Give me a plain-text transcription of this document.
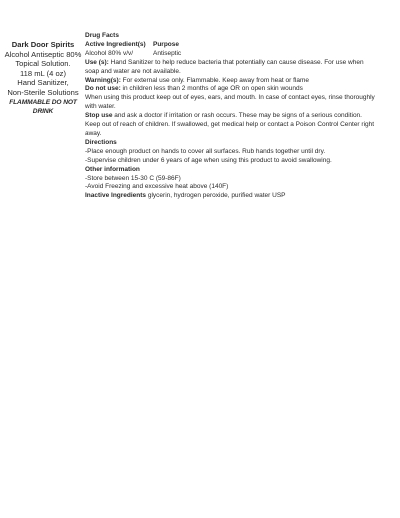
Dark Door Spirits
Alcohol Antiseptic 80%
Topical Solution.
118 mL (4 oz)
Hand Sanitizer,
Non-Sterile Solutions
FLAMMABLE DO NOT DRINK
Drug Facts
Active Ingredient(s)	Purpose
Alcohol 80% v/v/	Antiseptic
Use (s): Hand Sanitizer to help reduce bacteria that potentially can cause disease. For use when soap and water are not available.
Warning(s): For external use only. Flammable. Keep away from heat or flame
Do not use: in children less than 2 months of age OR on open skin wounds
When using this product keep out of eyes, ears, and mouth. In case of contact eyes, rinse thoroughly with water.
Stop use and ask a doctor if irritation or rash occurs. These may be signs of a serious condition.
Keep out of reach of children. If swallowed, get medical help or contact a Poison Control Center right away.
Directions
-Place enough product on hands to cover all surfaces. Rub hands together until dry.
-Supervise children under 6 years of age when using this product to avoid swallowing.
Other information
-Store between 15-30 C (59-86F)
-Avoid Freezing and excessive heat above (140F)
Inactive Ingredients glycerin, hydrogen peroxide, purified water USP
